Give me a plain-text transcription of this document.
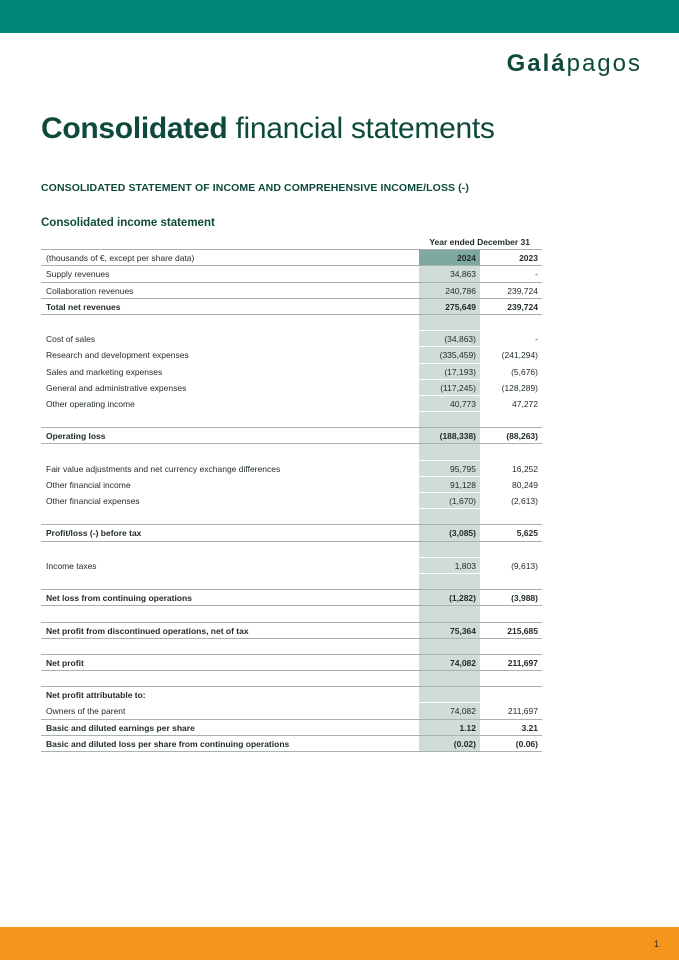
Galápagos
Consolidated financial statements
CONSOLIDATED STATEMENT OF INCOME AND COMPREHENSIVE INCOME/LOSS (-)
Consolidated income statement
Year ended December 31
(thousands of €, except per share data)	2024	2023
Supply revenues	34,863	-
Collaboration revenues	240,786	239,724
Total net revenues	275,649	239,724
Cost of sales	(34,863)	-
Research and development expenses	(335,459)	(241,294)
Sales and marketing expenses	(17,193)	(5,676)
General and administrative expenses	(117,245)	(128,289)
Other operating income	40,773	47,272
Operating loss	(188,338)	(88,263)
Fair value adjustments and net currency exchange differences	95,795	16,252
Other financial income	91,128	80,249
Other financial expenses	(1,670)	(2,613)
Profit/loss (-) before tax	(3,085)	5,625
Income taxes	1,803	(9,613)
Net loss from continuing operations	(1,282)	(3,988)
Net profit from discontinued operations, net of tax	75,364	215,685
Net profit	74,082	211,697
Net profit attributable to:
Owners of the parent	74,082	211,697
Basic and diluted earnings per share	1.12	3.21
Basic and diluted loss per share from continuing operations	(0.02)	(0.06)
1
